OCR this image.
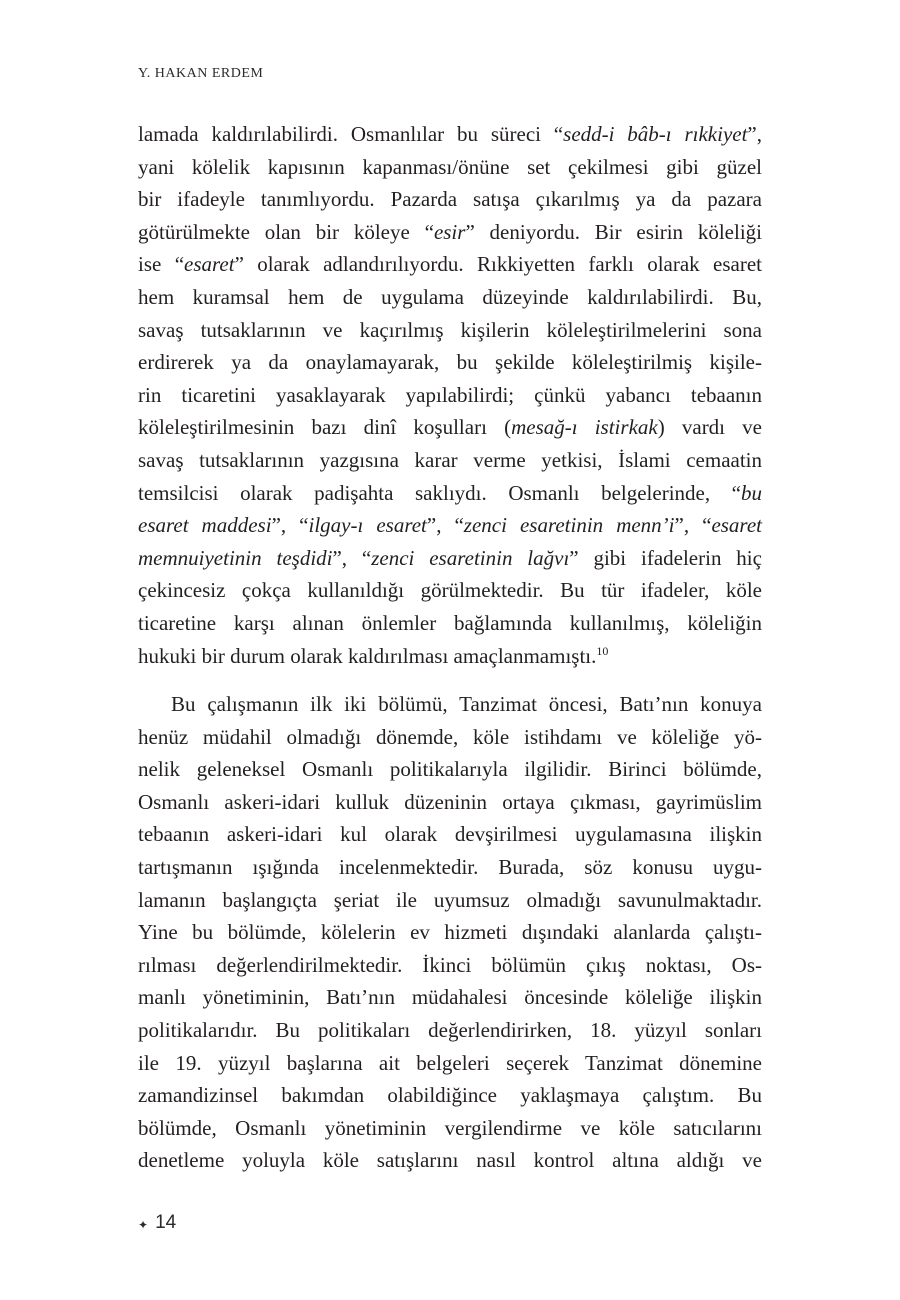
Y. HAKAN ERDEM
lamada kaldırılabilirdi. Osmanlılar bu süreci “sedd-i bâb-ı rıkkiyet”,
yani kölelik kapısının kapanması/önüne set çekilmesi gibi güzel
bir ifadeyle tanımlıyordu. Pazarda satışa çıkarılmış ya da pazara
götürülmekte olan bir köleye “esir” deniyordu. Bir esirin köleliği
ise “esaret” olarak adlandırılıyordu. Rıkkiyetten farklı olarak esaret
hem kuramsal hem de uygulama düzeyinde kaldırılabilirdi. Bu,
savaş tutsaklarının ve kaçırılmış kişilerin köleleştirilmelerini sona
erdirerek ya da onaylamayarak, bu şekilde köleleştirilmiş kişile-
rin ticaretini yasaklayarak yapılabilirdi; çünkü yabancı tebaanın
köleleştirilmesinin bazı dinî koşulları (mesağ-ı istirkak) vardı ve
savaş tutsaklarının yazgısına karar verme yetkisi, İslami cemaatin
temsilcisi olarak padişahta saklıydı. Osmanlı belgelerinde, “bu
esaret maddesi”, “ilgay-ı esaret”, “zenci esaretinin menn’i”, “esaret
memnuiyetinin teşdidi”, “zenci esaretinin lağvı” gibi ifadelerin hiç
çekincesiz çokça kullanıldığı görülmektedir. Bu tür ifadeler, köle
ticaretine karşı alınan önlemler bağlamında kullanılmış, köleliğin
hukuki bir durum olarak kaldırılması amaçlanmamıştı.$^{10}$
Bu çalışmanın ilk iki bölümü, Tanzimat öncesi, Batı’nın konuya
henüz müdahil olmadığı dönemde, köle istihdamı ve köleliğe yö-
nelik geleneksel Osmanlı politikalarıyla ilgilidir. Birinci bölümde,
Osmanlı askeri-idari kulluk düzeninin ortaya çıkması, gayrimüslim
tebaanın askeri-idari kul olarak devşirilmesi uygulamasına ilişkin
tartışmanın ışığında incelenmektedir. Burada, söz konusu uygu-
lamanın başlangıçta şeriat ile uyumsuz olmadığı savunulmaktadır.
Yine bu bölümde, kölelerin ev hizmeti dışındaki alanlarda çalıştı-
rılması değerlendirilmektedir. İkinci bölümün çıkış noktası, Os-
manlı yönetiminin, Batı’nın müdahalesi öncesinde köleliğe ilişkin
politikalarıdır. Bu politikaları değerlendirirken, 18. yüzyıl sonları
ile 19. yüzyıl başlarına ait belgeleri seçerek Tanzimat dönemine
zamandizinsel bakımdan olabildiğince yaklaşmaya çalıştım. Bu
bölümde, Osmanlı yönetiminin vergilendirme ve köle satıcılarını
denetleme yoluyla köle satışlarını nasıl kontrol altına aldığı ve
✦ 14
